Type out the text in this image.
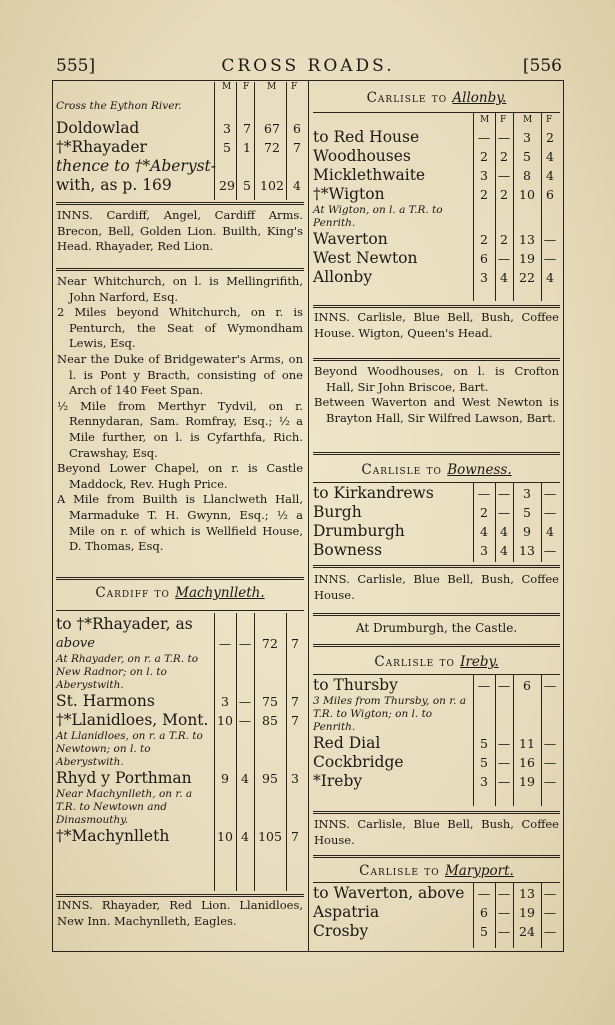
555]	CROSS ROADS.	[556
M F M F
Cross the Eython River.				
Doldowlad	3	7	67	6
†*Rhayader	5	1	72	7
thence to †*Aberyst-				
with, as p. 169	29	5	102	4
INNS. Cardiff, Angel, Cardiff Arms. Brecon, Bell, Golden Lion. Builth, King's Head. Rhayader, Red Lion.
Near Whitchurch, on l. is Mellingrifith, John Narford, Esq.
2 Miles beyond Whitchurch, on r. is Penturch, the Seat of Wymondham Lewis, Esq.
Near the Duke of Bridgewater's Arms, on l. is Pont y Bracth, consisting of one Arch of 140 Feet Span.
½ Mile from Merthyr Tydvil, on r. Rennydaran, Sam. Romfray, Esq.; ½ a Mile further, on l. is Cyfarthfa, Rich. Crawshay, Esq.
Beyond Lower Chapel, on r. is Castle Maddock, Rev. Hugh Price.
A Mile from Builth is Llanclweth Hall, Marmaduke T. H. Gwynn, Esq.; ½ a Mile on r. of which is Wellfield House, D. Thomas, Esq.
Cardiff to Machynlleth.
to †*Rhayader, as				
above	—	—	72	7
At Rhayader, on r. a T.R. to New Radnor; on l. to Aberystwith.				
St. Harmons	3	—	75	7
†*Llanidloes, Mont.	10	—	85	7
At Llanidloes, on r. a T.R. to Newtown; on l. to Aberystwith.				
Rhyd y Porthman	9	4	95	3
Near Machynlleth, on r. a T.R. to Newtown and Dinasmouthy.				
†*Machynlleth	10	4	105	7
INNS. Rhayader, Red Lion. Llanidloes, New Inn. Machynlleth, Eagles.
Carlisle to Allonby.
M F M F
to Red House	—	—	3	2
Woodhouses	2	2	5	4
Micklethwaite	3	—	8	4
†*Wigton	2	2	10	6
At Wigton, on l. a T.R. to Penrith.				
Waverton	2	2	13	—
West Newton	6	—	19	—
Allonby	3	4	22	4
INNS. Carlisle, Blue Bell, Bush, Coffee House. Wigton, Queen's Head.
Beyond Woodhouses, on l. is Crofton Hall, Sir John Briscoe, Bart.
Between Waverton and West Newton is Brayton Hall, Sir Wilfred Lawson, Bart.
Carlisle to Bowness.
to Kirkandrews	—	—	3	—
Burgh	2	—	5	—
Drumburgh	4	4	9	4
Bowness	3	4	13	—
INNS. Carlisle, Blue Bell, Bush, Coffee House.
At Drumburgh, the Castle.
Carlisle to Ireby.
to Thursby	—	—	6	—
3 Miles from Thursby, on r. a T.R. to Wigton; on l. to Penrith.				
Red Dial	5	—	11	—
Cockbridge	5	—	16	—
*Ireby	3	—	19	—
INNS. Carlisle, Blue Bell, Bush, Coffee House.
Carlisle to Maryport.
to Waverton, above	—	—	13	—
Aspatria	6	—	19	—
Crosby	5	—	24	—
